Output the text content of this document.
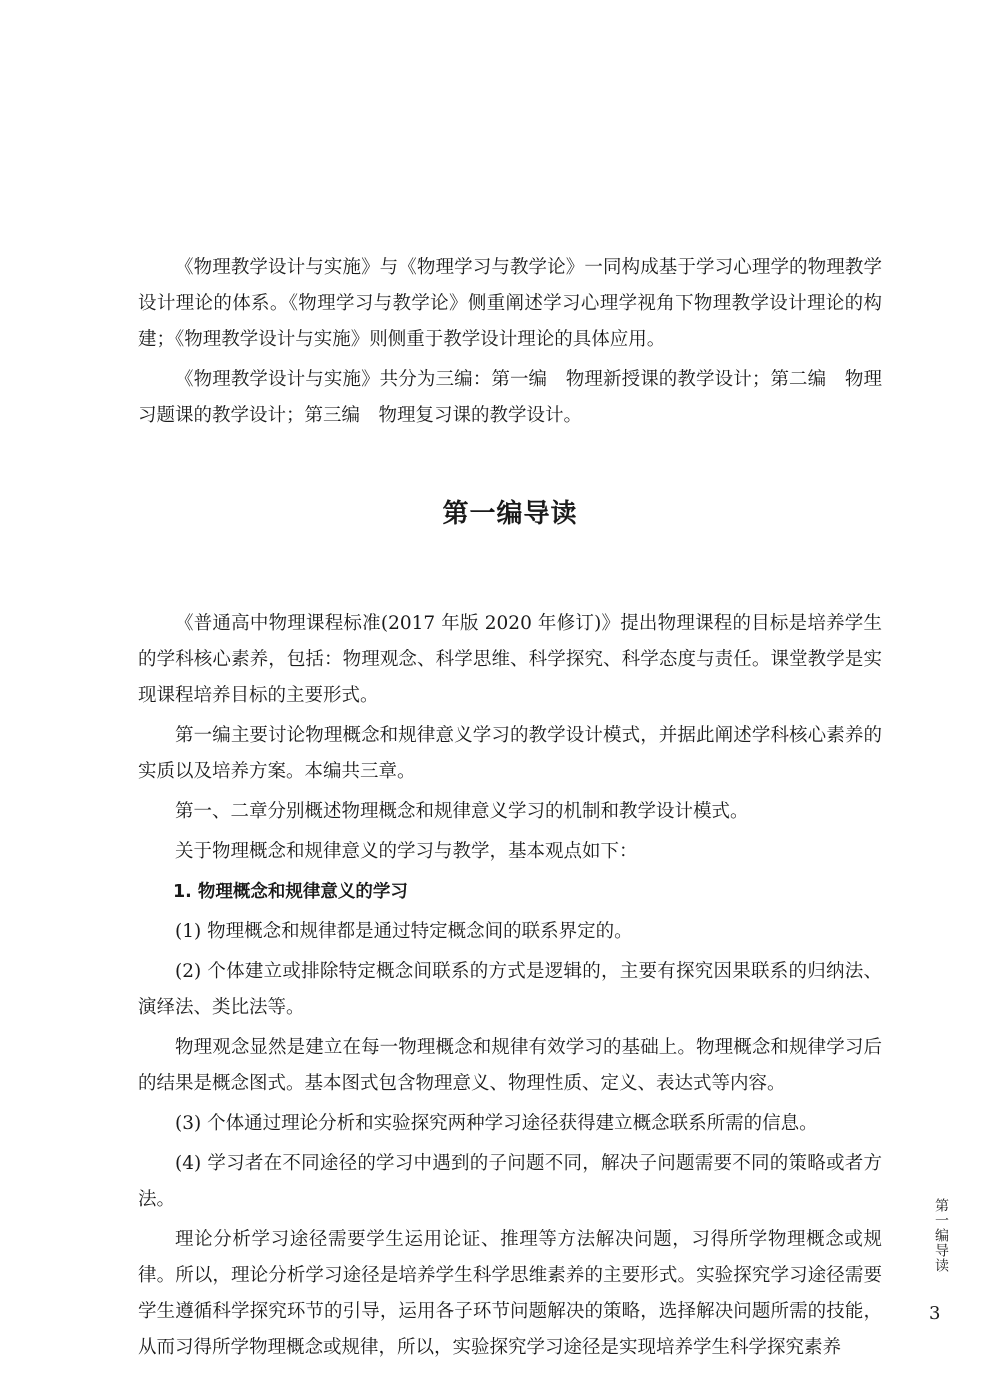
《物理教学设计与实施》与《物理学习与教学论》一同构成基于学习心理学的物理教学设计理论的体系。《物理学习与教学论》侧重阐述学习心理学视角下物理教学设计理论的构建；《物理教学设计与实施》则侧重于教学设计理论的具体应用。

《物理教学设计与实施》共分为三编：第一编　物理新授课的教学设计；第二编　物理习题课的教学设计；第三编　物理复习课的教学设计。

第一编导读

《普通高中物理课程标准(2017 年版 2020 年修订)》提出物理课程的目标是培养学生的学科核心素养，包括：物理观念、科学思维、科学探究、科学态度与责任。课堂教学是实现课程培养目标的主要形式。

第一编主要讨论物理概念和规律意义学习的教学设计模式，并据此阐述学科核心素养的实质以及培养方案。本编共三章。

第一、二章分别概述物理概念和规律意义学习的机制和教学设计模式。

关于物理概念和规律意义的学习与教学，基本观点如下：

1. 物理概念和规律意义的学习

(1) 物理概念和规律都是通过特定概念间的联系界定的。

(2) 个体建立或排除特定概念间联系的方式是逻辑的，主要有探究因果联系的归纳法、演绎法、类比法等。

物理观念显然是建立在每一物理概念和规律有效学习的基础上。物理概念和规律学习后的结果是概念图式。基本图式包含物理意义、物理性质、定义、表达式等内容。

(3) 个体通过理论分析和实验探究两种学习途径获得建立概念联系所需的信息。

(4) 学习者在不同途径的学习中遇到的子问题不同，解决子问题需要不同的策略或者方法。

理论分析学习途径需要学生运用论证、推理等方法解决问题，习得所学物理概念或规律。所以，理论分析学习途径是培养学生科学思维素养的主要形式。实验探究学习途径需要学生遵循科学探究环节的引导，运用各子环节问题解决的策略，选择解决问题所需的技能，从而习得所学物理概念或规律，所以，实验探究学习途径是实现培养学生科学探究素养

第一编导读
3
